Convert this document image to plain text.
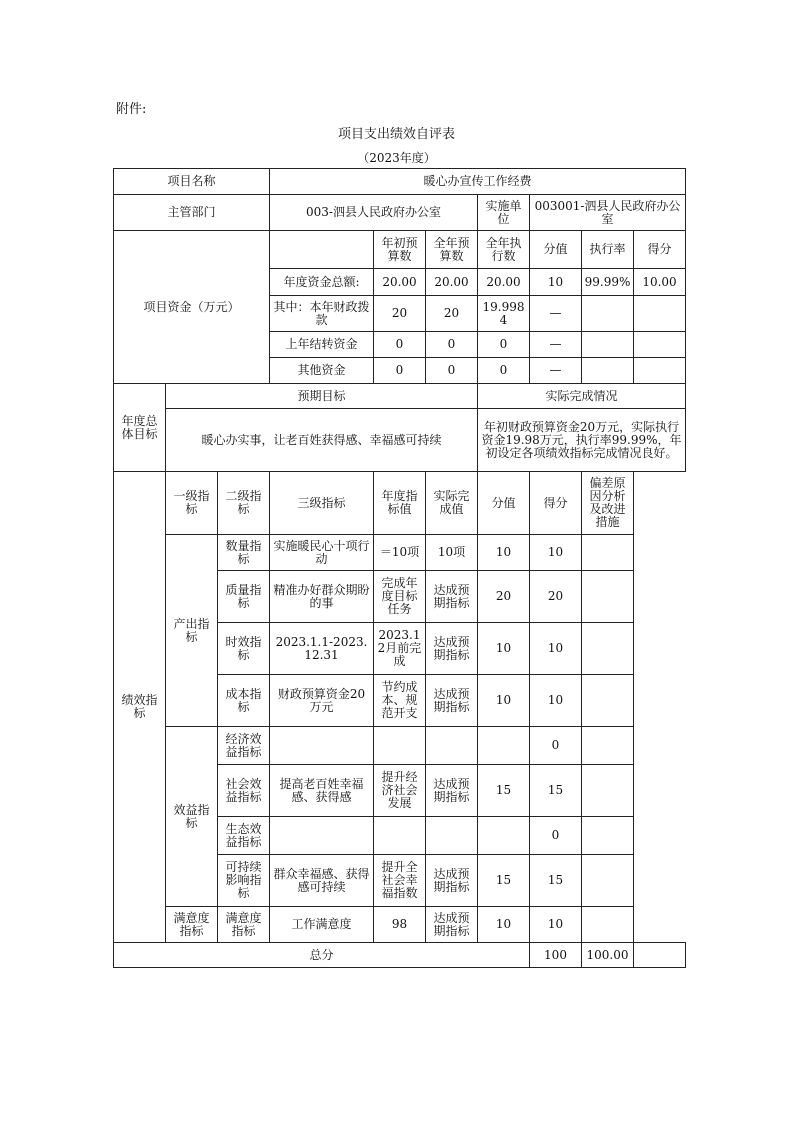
附件:
项目支出绩效自评表
（2023年度）
项目名称			暖心办宣传工作经费						
主管部门			003-泗县人民政府办公室			实施单位	003001-泗县人民政府办公室		
项目资金（万元）				年初预算数	全年预算数	全年执行数	分值	执行率	得分
			年度资金总额:	20.00	20.00	20.00	10	99.99%	10.00
			其中：本年财政拨款	20	20	19.9984	—		
			上年结转资金	0	0	0	—		
			其他资金	0	0	0	—		
年度总体目标	预期目标					实际完成情况			
	暖心办实事，让老百姓获得感、幸福感可持续					年初财政预算资金20万元，实际执行资金19.98万元，执行率99.99%，年初设定各项绩效指标完成情况良好。			
绩效指标	一级指标	二级指标	三级指标	年度指标值	实际完成值	分值	得分	偏差原因分析及改进措施	
	产出指标	数量指标	实施暖民心十项行动	＝10项	10项	10	10		
		质量指标	精准办好群众期盼的事	完成年度目标任务	达成预期指标	20	20		
		时效指标	2023.1.1-2023.12.31	2023.12月前完成	达成预期指标	10	10		
		成本指标	财政预算资金20万元	节约成本、规范开支	达成预期指标	10	10		
	效益指标	经济效益指标					0		
		社会效益指标	提高老百姓幸福感、获得感	提升经济社会发展	达成预期指标	15	15		
		生态效益指标					0		
		可持续影响指标	群众幸福感、获得感可持续	提升全社会幸福指数	达成预期指标	15	15		
	满意度指标	满意度指标	工作满意度	98	达成预期指标	10	10		
总分							100	100.00	
